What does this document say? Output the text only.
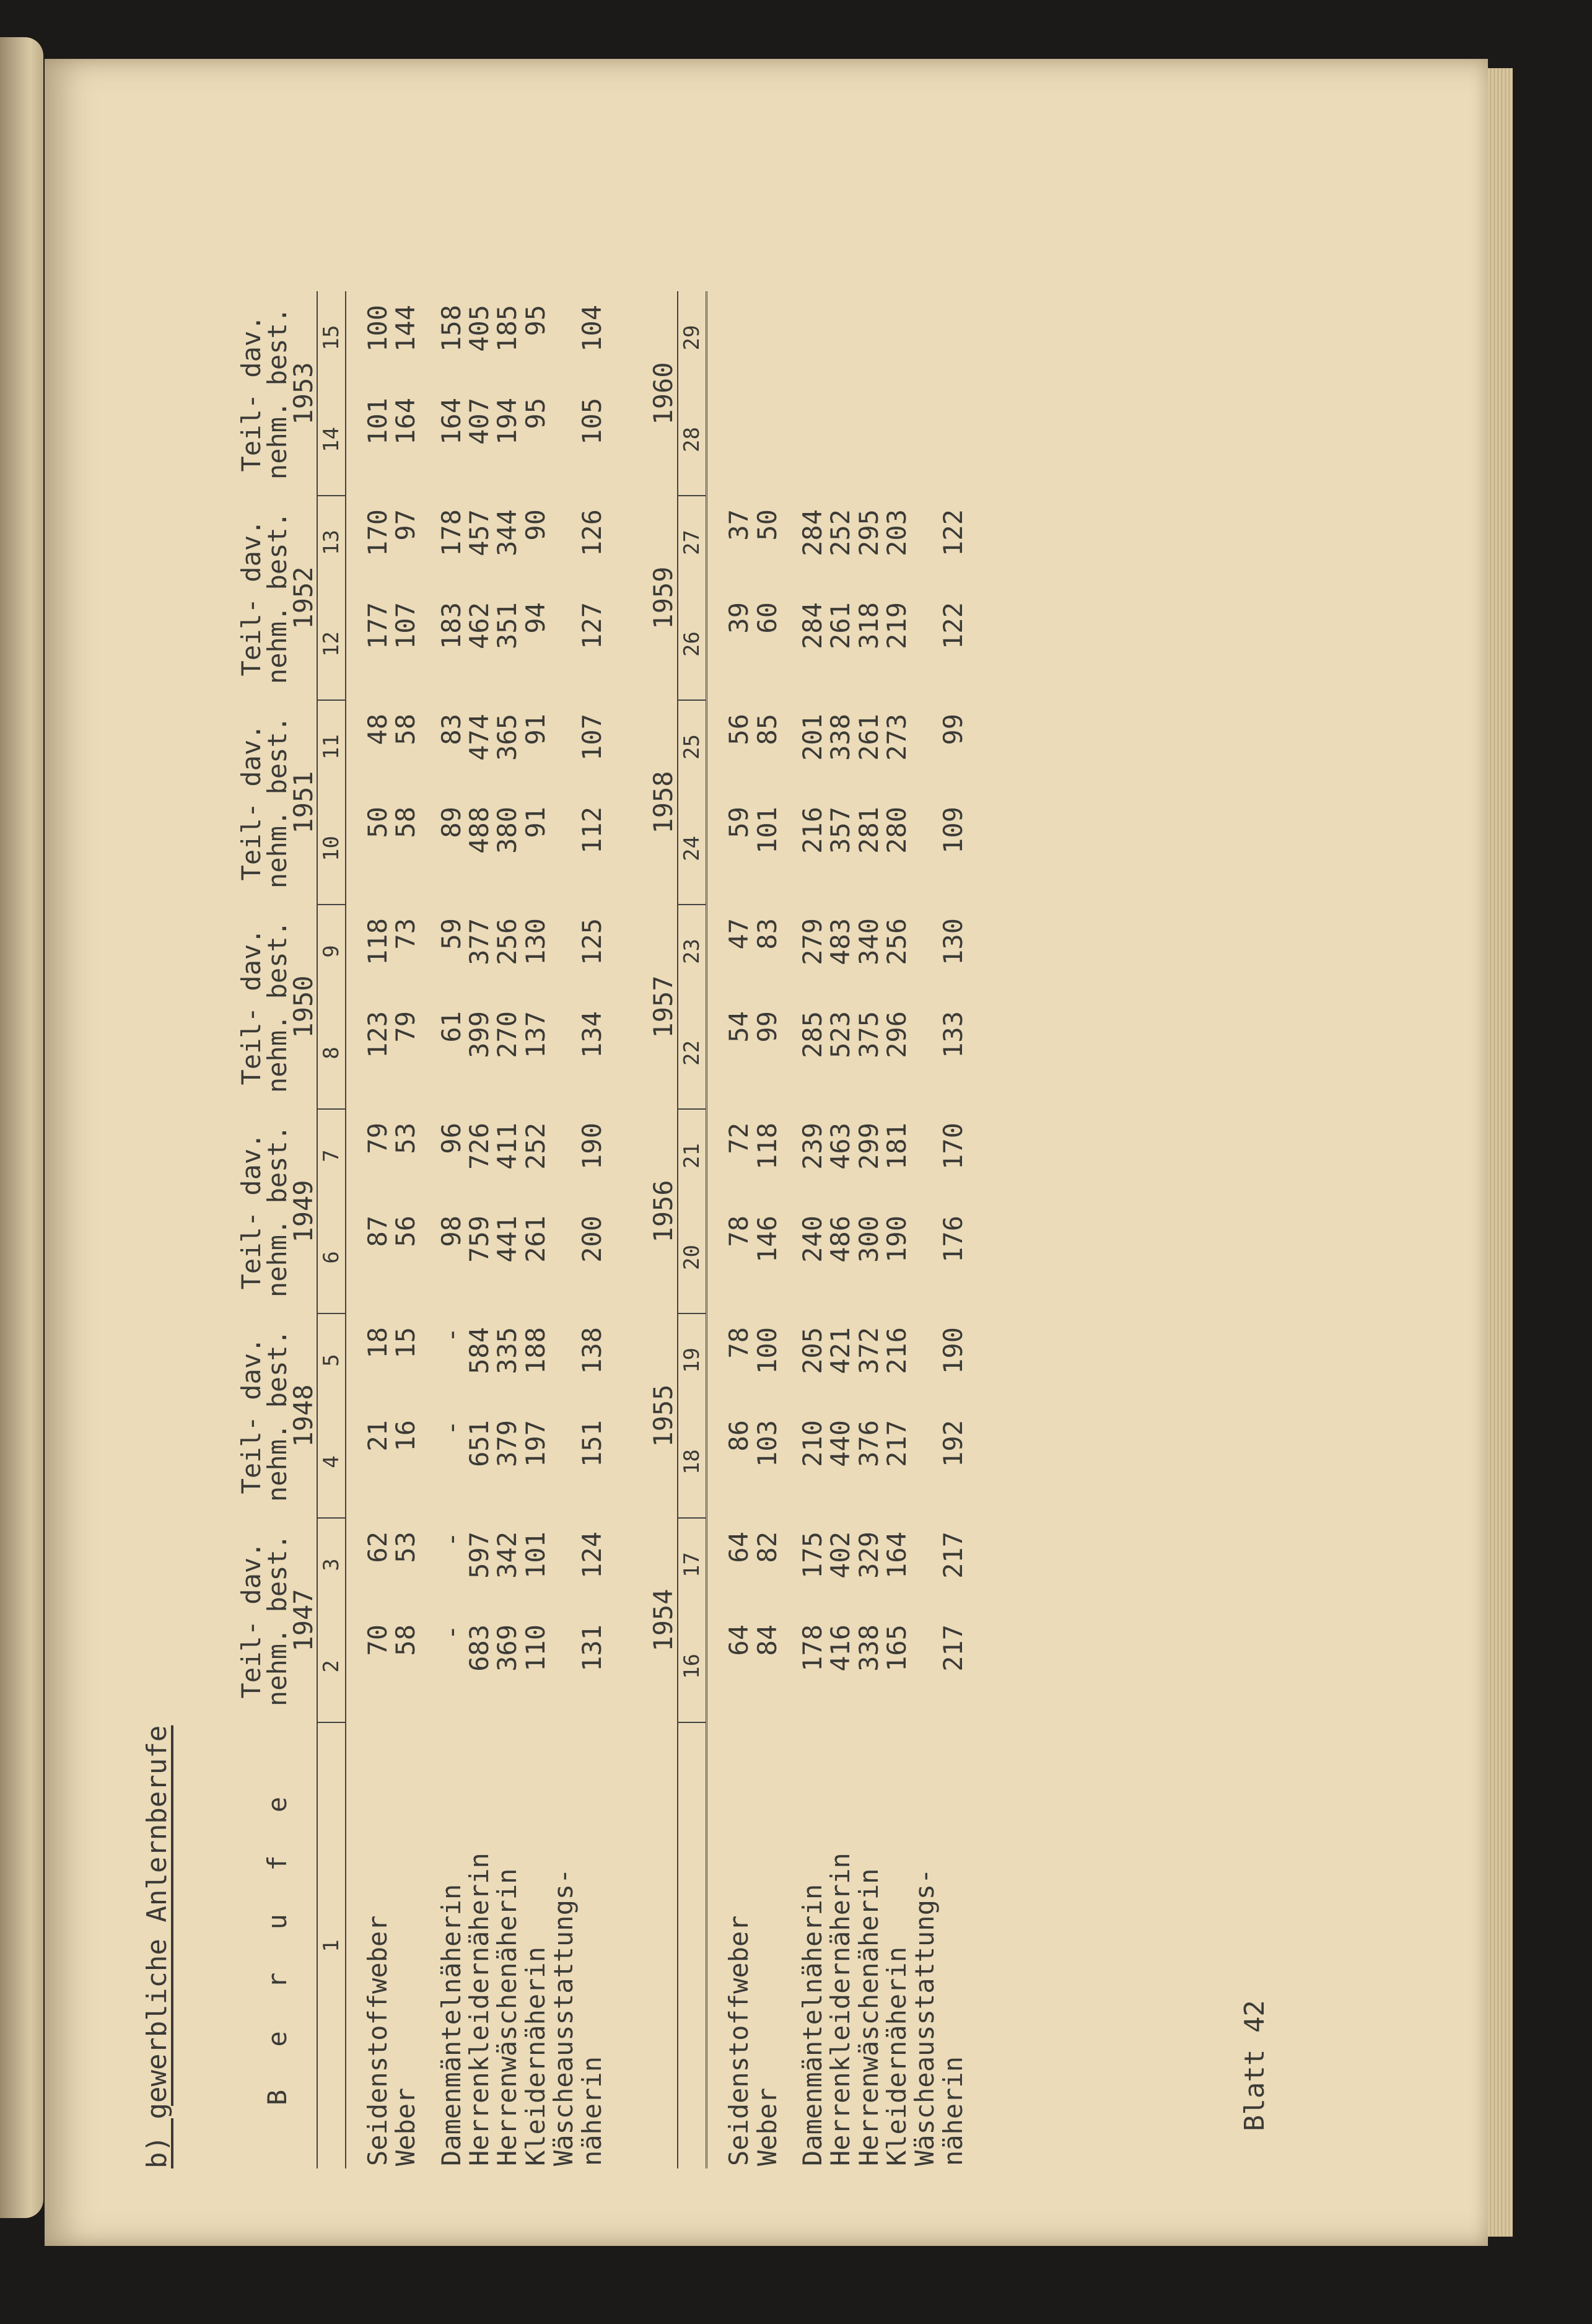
b) gewerbliche Anlernberufe	B e r u f e	Teil- dav.		Teil- dav.		Teil- dav.		Teil- dav.		Teil- dav.		Teil- dav.		Teil- dav.	
	nehm. best.		nehm. best.		nehm. best.		nehm. best.		nehm. best.		nehm. best.		nehm. best.	
	1947		1948		1949		1950		1951		1952		1953	
1	2	3	4	5	6	7	8	9	10	11	12	13	14	15

Seidenstoffweber	70	62	21	18	87	79	123	118	50	48	177	170	101	100
Weber	58	53	16	15	56	53	79	73	58	58	107	97	164	144

Damenmäntelnäherin	-	-	-	-	98	96	61	59	89	83	183	178	164	158
Herrenkleidernäherin	683	597	651	584	759	726	399	377	488	474	462	457	407	405
Herrenwäschenäherin	369	342	379	335	441	411	270	256	380	365	351	344	194	185
Kleidernäherin	110	101	197	188	261	252	137	130	91	91	94	90	95	95
Wäscheausstattungs-														
näherin	131	124	151	138	200	190	134	125	112	107	127	126	105	104

	1954		1955		1956		1957		1958		1959		1960	
	16	17	18	19	20	21	22	23	24	25	26	27	28	29

Seidenstoffweber	64	64	86	78	78	72	54	47	59	56	39	37		
Weber	84	82	103	100	146	118	99	83	101	85	60	50		

Damenmäntelnäherin	178	175	210	205	240	239	285	279	216	201	284	284		
Herrenkleidernäherin	416	402	440	421	486	463	523	483	357	338	261	252		
Herrenwäschenäherin	338	329	376	372	300	299	375	340	281	261	318	295		
Kleidernäherin	165	164	217	216	190	181	296	256	280	273	219	203		
Wäscheausstattungs-														
näherin	217	217	192	190	176	170	133	130	109	99	122	122		
Blatt 42
